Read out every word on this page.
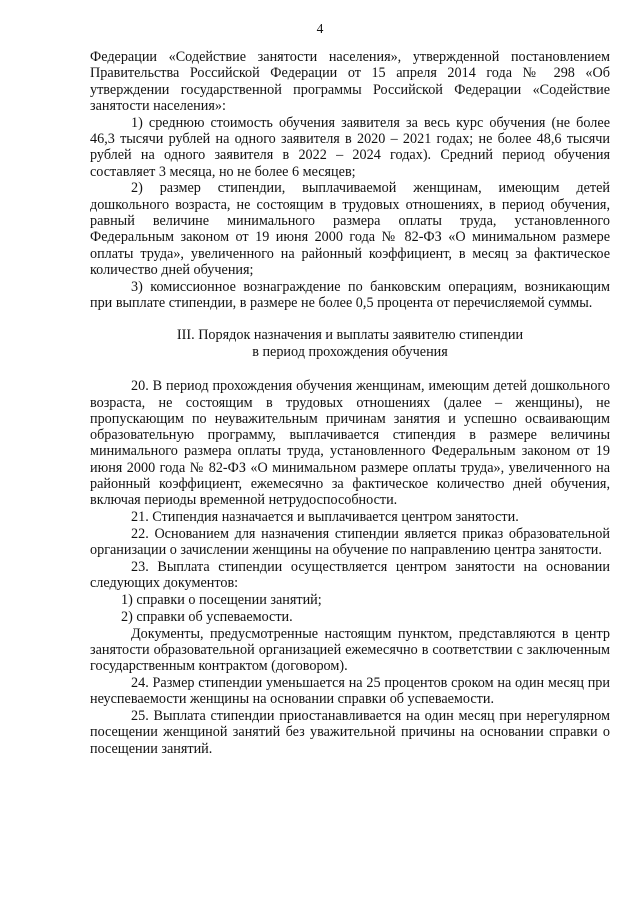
4

Федерации «Содействие занятости населения», утвержденной постановлением Правительства Российской Федерации от 15 апреля 2014 года № 298 «Об утверждении государственной программы Российской Федерации «Содействие занятости населения»:

1) среднюю стоимость обучения заявителя за весь курс обучения (не более 46,3 тысячи рублей на одного заявителя в 2020 – 2021 годах; не более 48,6 тысячи рублей на одного заявителя в 2022 – 2024 годах). Средний период обучения составляет 3 месяца, но не более 6 месяцев;

2) размер стипендии, выплачиваемой женщинам, имеющим детей дошкольного возраста, не состоящим в трудовых отношениях, в период обучения, равный величине минимального размера оплаты труда, установленного Федеральным законом от 19 июня 2000 года № 82-ФЗ «О минимальном размере оплаты труда», увеличенного на районный коэффициент, в месяц за фактическое количество дней обучения;

3) комиссионное вознаграждение по банковским операциям, возникающим при выплате стипендии, в размере не более 0,5 процента от перечисляемой суммы.

III. Порядок назначения и выплаты заявителю стипендии
в период прохождения обучения

20. В период прохождения обучения женщинам, имеющим детей дошкольного возраста, не состоящим в трудовых отношениях (далее – женщины), не пропускающим по неуважительным причинам занятия и успешно осваивающим образовательную программу, выплачивается стипендия в размере величины минимального размера оплаты труда, установленного Федеральным законом от 19 июня 2000 года № 82-ФЗ «О минимальном размере оплаты труда», увеличенного на районный коэффициент, ежемесячно за фактическое количество дней обучения, включая периоды временной нетрудоспособности.

21. Стипендия назначается и выплачивается центром занятости.

22. Основанием для назначения стипендии является приказ образовательной организации о зачислении женщины на обучение по направлению центра занятости.

23. Выплата стипендии осуществляется центром занятости на основании следующих документов:

1) справки о посещении занятий;

2) справки об успеваемости.

Документы, предусмотренные настоящим пунктом, представляются в центр занятости образовательной организацией ежемесячно в соответствии с заключенным государственным контрактом (договором).

24. Размер стипендии уменьшается на 25 процентов сроком на один месяц при неуспеваемости женщины на основании справки об успеваемости.

25. Выплата стипендии приостанавливается на один месяц при нерегулярном посещении женщиной занятий без уважительной причины на основании справки о посещении занятий.
